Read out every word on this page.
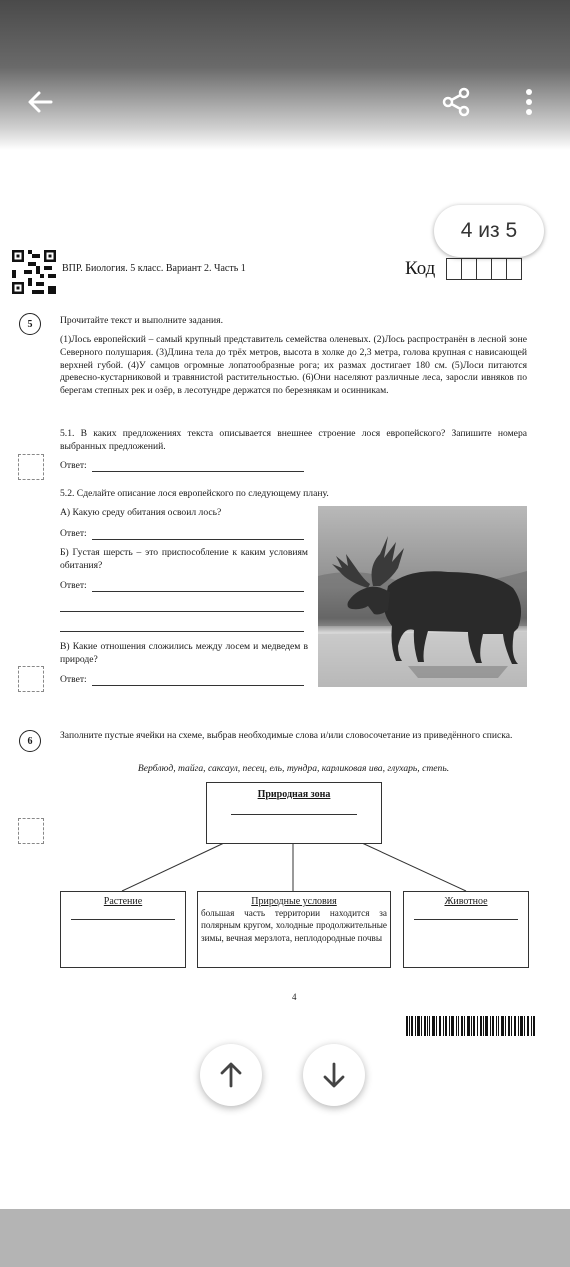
ВПР. Биология. 5 класс. Вариант 2. Часть 1	Код
5	Прочитайте текст и выполните задания.
(1)Лось европейский – самый крупный представитель семейства оленевых. (2)Лось распространён в лесной зоне Северного полушария. (3)Длина тела до трёх метров, высота в холке до 2,3 метра, голова крупная с нависающей верхней губой. (4)У самцов огромные лопатообразные рога; их размах достигает 180 см. (5)Лоси питаются древесно-кустарниковой и травянистой растительностью. (6)Они населяют различные леса, заросли ивняков по берегам степных рек и озёр, в лесотундре держатся по березнякам и осинникам.
5.1. В каких предложениях текста описывается внешнее строение лося европейского? Запишите номера выбранных предложений.
Ответ:
5.2. Сделайте описание лося европейского по следующему плану.
А) Какую среду обитания освоил лось?
Ответ:
Б) Густая шерсть – это приспособление к каким условиям обитания?
Ответ:
В) Какие отношения сложились между лосем и медведем в природе?
Ответ:
6	Заполните пустые ячейки на схеме, выбрав необходимые слова и/или словосочетание из приведённого списка.
Верблюд, тайга, саксаул, песец, ель, тундра, карликовая ива, глухарь, степь.
Природная зона
Растение	Природные условия
большая часть территории находится за полярным кругом, холодные продолжительные зимы, вечная мерзлота, неплодородные почвы
Животное
4
4 из 5
